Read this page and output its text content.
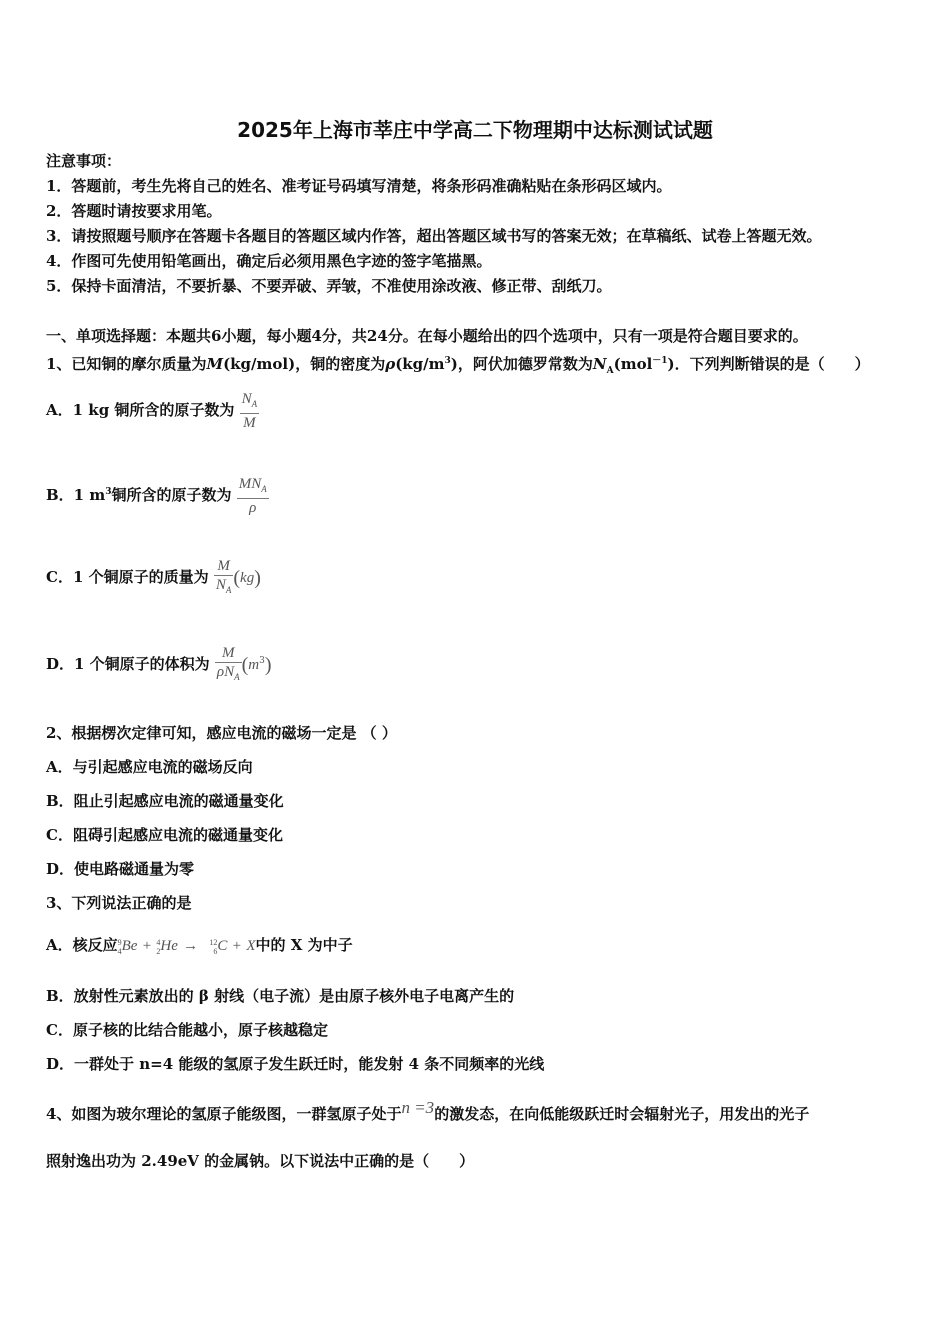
2025年上海市莘庄中学高二下物理期中达标测试试题
注意事项：
1．答题前，考生先将自己的姓名、准考证号码填写清楚，将条形码准确粘贴在条形码区域内。
2．答题时请按要求用笔。
3．请按照题号顺序在答题卡各题目的答题区域内作答，超出答题区域书写的答案无效；在草稿纸、试卷上答题无效。
4．作图可先使用铅笔画出，确定后必须用黑色字迹的签字笔描黑。
5．保持卡面清洁，不要折暴、不要弄破、弄皱，不准使用涂改液、修正带、刮纸刀。
一、单项选择题：本题共6小题，每小题4分，共24分。在每小题给出的四个选项中，只有一项是符合题目要求的。
1、已知铜的摩尔质量为M(kg/mol)，铜的密度为$\rho(kg/m^3)$，阿伏加德罗常数为$N_A(mol^{-1})$．下列判断错误的是（　　）
A．1 kg 铜所含的原子数为 $\frac{N_A}{M}$
B．1 $m^3$铜所含的原子数为 $\frac{MN_A}{\rho}$
C．1 个铜原子的质量为 $\frac{M}{N_A} (kg)$
D．1 个铜原子的体积为 $\frac{M}{\rho N_A} (m^3)$
2、根据楞次定律可知，感应电流的磁场一定是 （ ）
A．与引起感应电流的磁场反向
B．阻止引起感应电流的磁通量变化
C．阻碍引起感应电流的磁通量变化
D．使电路磁通量为零
3、下列说法正确的是
A．核反应9
4Be + 4
2He → 12
6C + X中的 X 为中子
B．放射性元素放出的 β 射线（电子流）是由原子核外电子电离产生的
C．原子核的比结合能越小，原子核越稳定
D．一群处于 n=4 能级的氢原子发生跃迁时，能发射 4 条不同频率的光线
4、如图为玻尔理论的氢原子能级图，一群氢原子处于n =3的激发态，在向低能级跃迁时会辐射光子，用发出的光子
照射逸出功为 2.49eV 的金属钠。以下说法中正确的是（　　）
